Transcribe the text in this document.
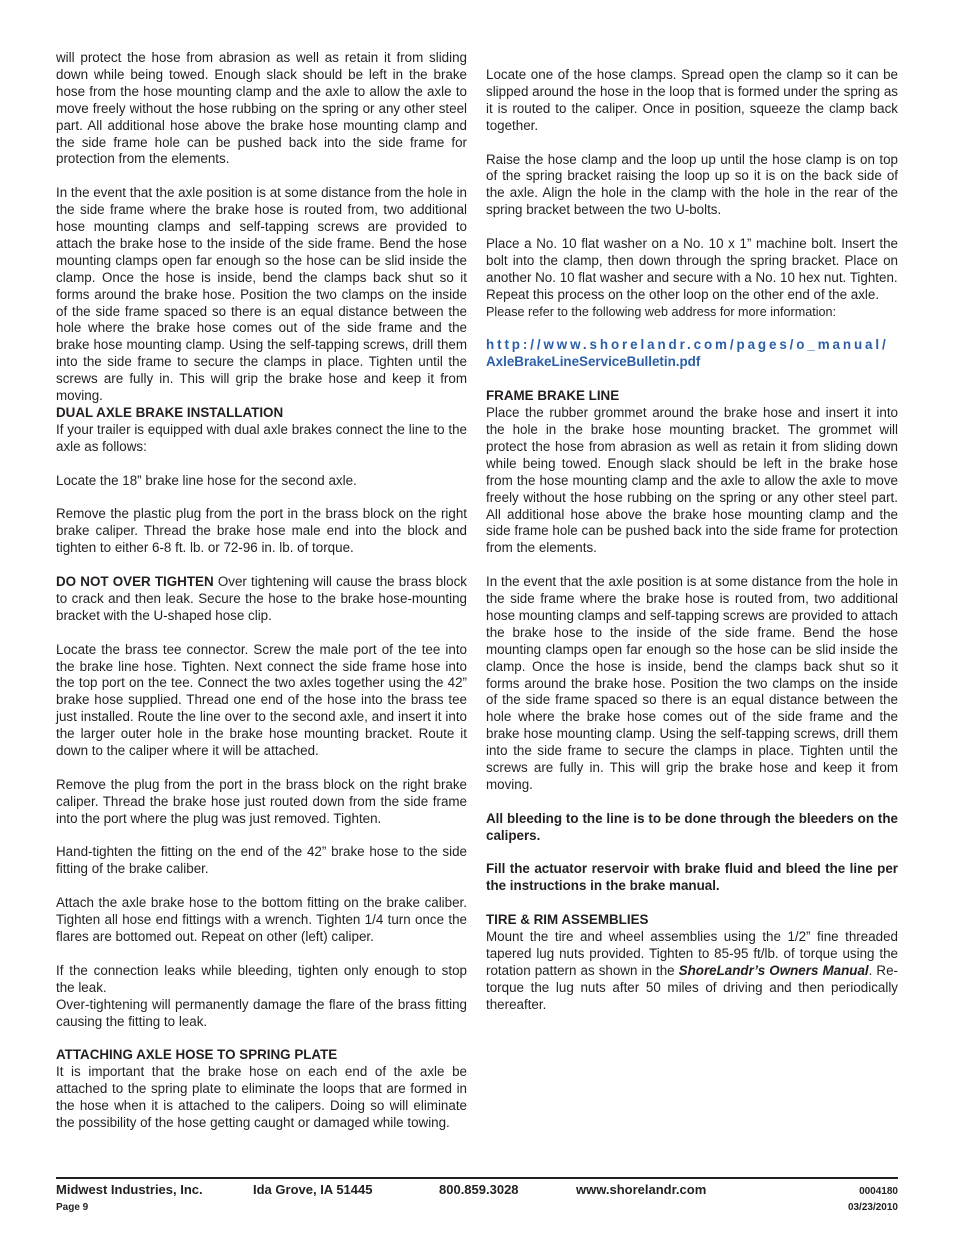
will protect the hose from abrasion as well as retain it from sliding down while being towed. Enough slack should be left in the brake hose from the hose mounting clamp and the axle to allow the axle to move freely without the hose rubbing on the spring or any other steel part. All additional hose above the brake hose mounting clamp and the side frame hole can be pushed back into the side frame for protection from the elements.

In the event that the axle position is at some distance from the hole in the side frame where the brake hose is routed from, two additional hose mounting clamps and self-tapping screws are provided to attach the brake hose to the inside of the side frame. Bend the hose mounting clamps open far enough so the hose can be slid inside the clamp. Once the hose is inside, bend the clamps back shut so it forms around the brake hose. Position the two clamps on the inside of the side frame spaced so there is an equal distance between the hole where the brake hose comes out of the side frame and the brake hose mounting clamp. Using the self-tapping screws, drill them into the side frame to secure the clamps in place. Tighten until the screws are fully in. This will grip the brake hose and keep it from moving.

DUAL AXLE BRAKE INSTALLATION

If your trailer is equipped with dual axle brakes connect the line to the axle as follows:

Locate the 18” brake line hose for the second axle.

Remove the plastic plug from the port in the brass block on the right brake caliper. Thread the brake hose male end into the block and tighten to either 6-8 ft. lb. or 72-96 in. lb. of torque.

DO NOT OVER TIGHTEN Over tightening will cause the brass block to crack and then leak. Secure the hose to the brake hose-mounting bracket with the U-shaped hose clip.

Locate the brass tee connector. Screw the male port of the tee into the brake line hose. Tighten. Next connect the side frame hose into the top port on the tee. Connect the two axles together using the 42” brake hose supplied. Thread one end of the hose into the brass tee just installed. Route the line over to the second axle, and insert it into the larger outer hole in the brake hose mounting bracket. Route it down to the caliper where it will be attached.

Remove the plug from the port in the brass block on the right brake caliper. Thread the brake hose just routed down from the side frame into the port where the plug was just removed. Tighten.

Hand-tighten the fitting on the end of the 42” brake hose to the side fitting of the brake caliber.

Attach the axle brake hose to the bottom fitting on the brake caliber. Tighten all hose end fittings with a wrench. Tighten 1/4 turn once the flares are bottomed out. Repeat on other (left) caliper.

If the connection leaks while bleeding, tighten only enough to stop the leak.

Over-tightening will permanently damage the flare of the brass fitting causing the fitting to leak.

ATTACHING AXLE HOSE TO SPRING PLATE

It is important that the brake hose on each end of the axle be attached to the spring plate to eliminate the loops that are formed in the hose when it is attached to the calipers. Doing so will eliminate the possibility of the hose getting caught or damaged while towing.

Locate one of the hose clamps. Spread open the clamp so it can be slipped around the hose in the loop that is formed under the spring as it is routed to the caliper. Once in position, squeeze the clamp back together.

Raise the hose clamp and the loop up until the hose clamp is on top of the spring bracket raising the loop up so it is on the back side of the axle. Align the hole in the clamp with the hole in the rear of the spring bracket between the two U-bolts.

Place a No. 10 flat washer on a No. 10 x 1” machine bolt. Insert the bolt into the clamp, then down through the spring bracket. Place on another No. 10 flat washer and secure with a No. 10 hex nut. Tighten.

Repeat this process on the other loop on the other end of the axle.

Please refer to the following web address for more information:

http://www.shorelandr.com/pages/o_manual/
AxleBrakeLineServiceBulletin.pdf

FRAME BRAKE LINE

Place the rubber grommet around the brake hose and insert it into the hole in the brake hose mounting bracket. The grommet will protect the hose from abrasion as well as retain it from sliding down while being towed. Enough slack should be left in the brake hose from the hose mounting clamp and the axle to allow the axle to move freely without the hose rubbing on the spring or any other steel part. All additional hose above the brake hose mounting clamp and the side frame hole can be pushed back into the side frame for protection from the elements.

In the event that the axle position is at some distance from the hole in the side frame where the brake hose is routed from, two additional hose mounting clamps and self-tapping screws are provided to attach the brake hose to the inside of the side frame. Bend the hose mounting clamps open far enough so the hose can be slid inside the clamp. Once the hose is inside, bend the clamps back shut so it forms around the brake hose. Position the two clamps on the inside of the side frame spaced so there is an equal distance between the hole where the brake hose comes out of the side frame and the brake hose mounting clamp. Using the self-tapping screws, drill them into the side frame to secure the clamps in place. Tighten until the screws are fully in. This will grip the brake hose and keep it from moving.

All bleeding to the line is to be done through the bleeders on the calipers.

Fill the actuator reservoir with brake fluid and bleed the line per the instructions in the brake manual.

TIRE & RIM ASSEMBLIES

Mount the tire and wheel assemblies using the 1/2” fine threaded tapered lug nuts provided. Tighten to 85-95 ft/lb. of torque using the rotation pattern as shown in the ShoreLandr’s Owners Manual. Re-torque the lug nuts after 50 miles of driving and then periodically thereafter.

Midwest Industries, Inc.	Ida Grove, IA 51445	800.859.3028	www.shorelandr.com	0004180
Page 9	03/23/2010
